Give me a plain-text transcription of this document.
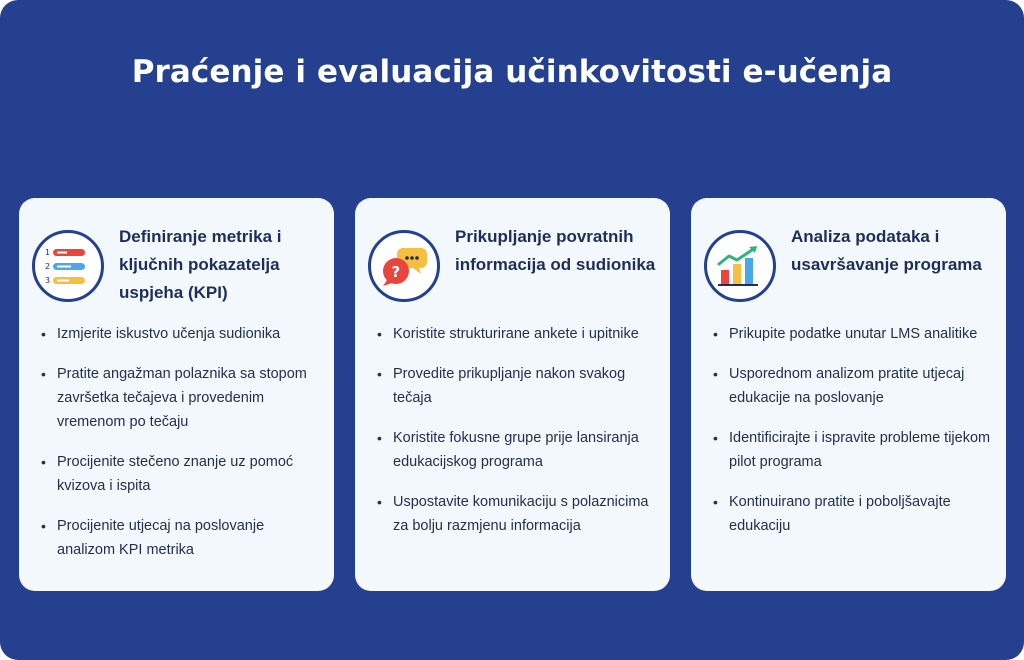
Praćenje i evaluacija učinkovitosti e-učenja
1
2
3
Definiranje metrika i ključnih pokazatelja uspjeha (KPI)
• Izmjerite iskustvo učenja sudionika
• Pratite angažman polaznika sa stopom završetka tečajeva i provedenim vremenom po tečaju
• Procijenite stečeno znanje uz pomoć kvizova i ispita
• Procijenite utjecaj na poslovanje analizom KPI metrika
?
Prikupljanje povratnih informacija od sudionika
• Koristite strukturirane ankete i upitnike
• Provedite prikupljanje nakon svakog tečaja
• Koristite fokusne grupe prije lansiranja edukacijskog programa
• Uspostavite komunikaciju s polaznicima za bolju razmjenu informacija
Analiza podataka i usavršavanje programa
• Prikupite podatke unutar LMS analitike
• Usporednom analizom pratite utjecaj edukacije na poslovanje
• Identificirajte i ispravite probleme tijekom pilot programa
• Kontinuirano pratite i poboljšavajte edukaciju
